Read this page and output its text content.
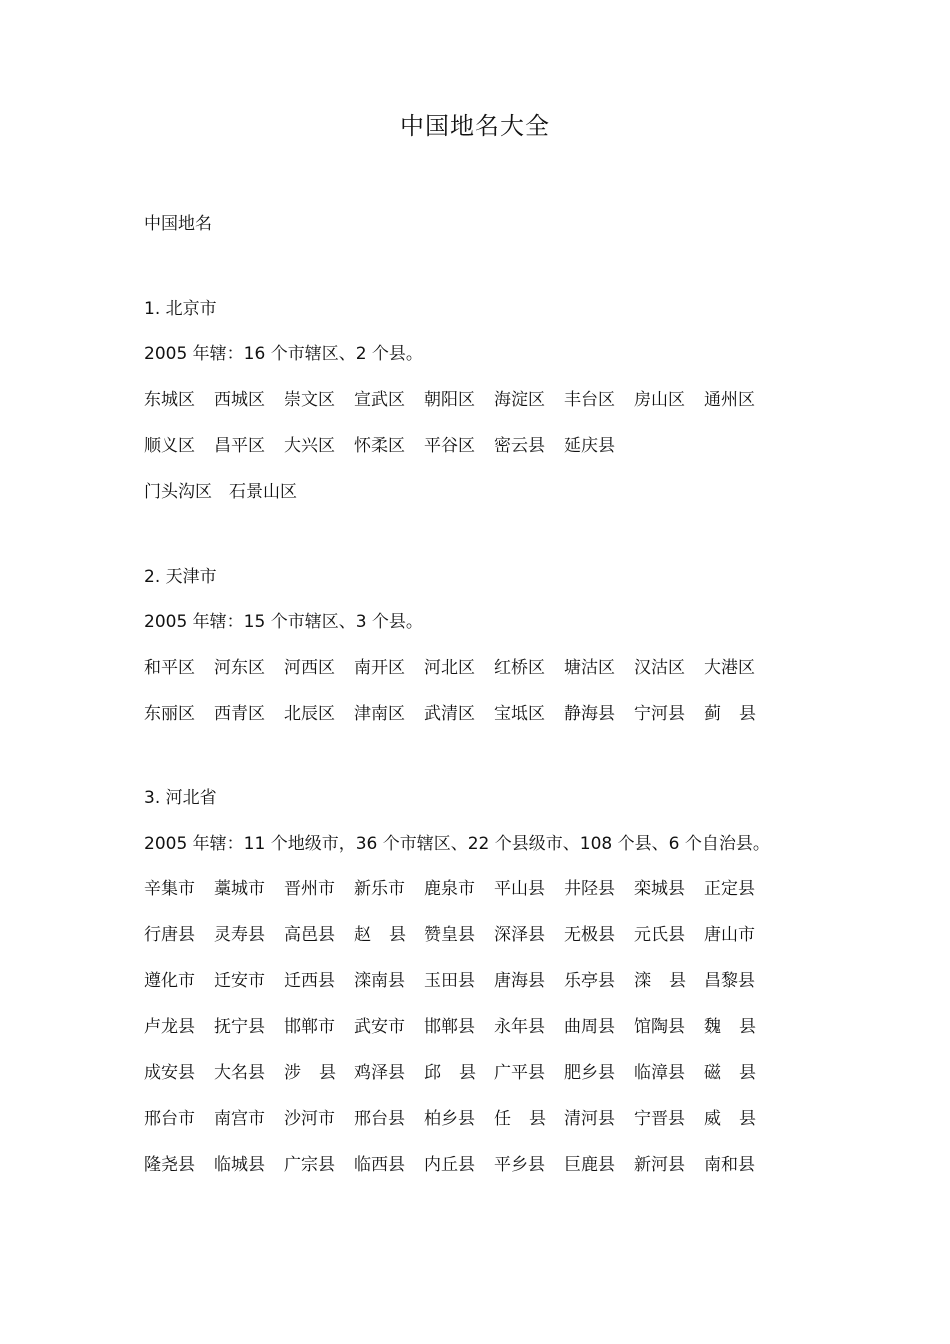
中国地名大全
中国地名
1. 北京市
2005 年辖：16 个市辖区、2 个县。
东城区 西城区 崇文区 宣武区 朝阳区 海淀区 丰台区 房山区 通州区
顺义区 昌平区 大兴区 怀柔区 平谷区 密云县 延庆县
门头沟区 石景山区
2. 天津市
2005 年辖：15 个市辖区、3 个县。
和平区 河东区 河西区 南开区 河北区 红桥区 塘沽区 汉沽区 大港区
东丽区 西青区 北辰区 津南区 武清区 宝坻区 静海县 宁河县 蓟 县
3. 河北省
2005 年辖：11 个地级市，36 个市辖区、22 个县级市、108 个县、6 个自治县。
辛集市 藁城市 晋州市 新乐市 鹿泉市 平山县 井陉县 栾城县 正定县
行唐县 灵寿县 高邑县 赵 县 赞皇县 深泽县 无极县 元氏县 唐山市
遵化市 迁安市 迁西县 滦南县 玉田县 唐海县 乐亭县 滦 县 昌黎县
卢龙县 抚宁县 邯郸市 武安市 邯郸县 永年县 曲周县 馆陶县 魏 县
成安县 大名县 涉 县 鸡泽县 邱 县 广平县 肥乡县 临漳县 磁 县
邢台市 南宫市 沙河市 邢台县 柏乡县 任 县 清河县 宁晋县 威 县
隆尧县 临城县 广宗县 临西县 内丘县 平乡县 巨鹿县 新河县 南和县
